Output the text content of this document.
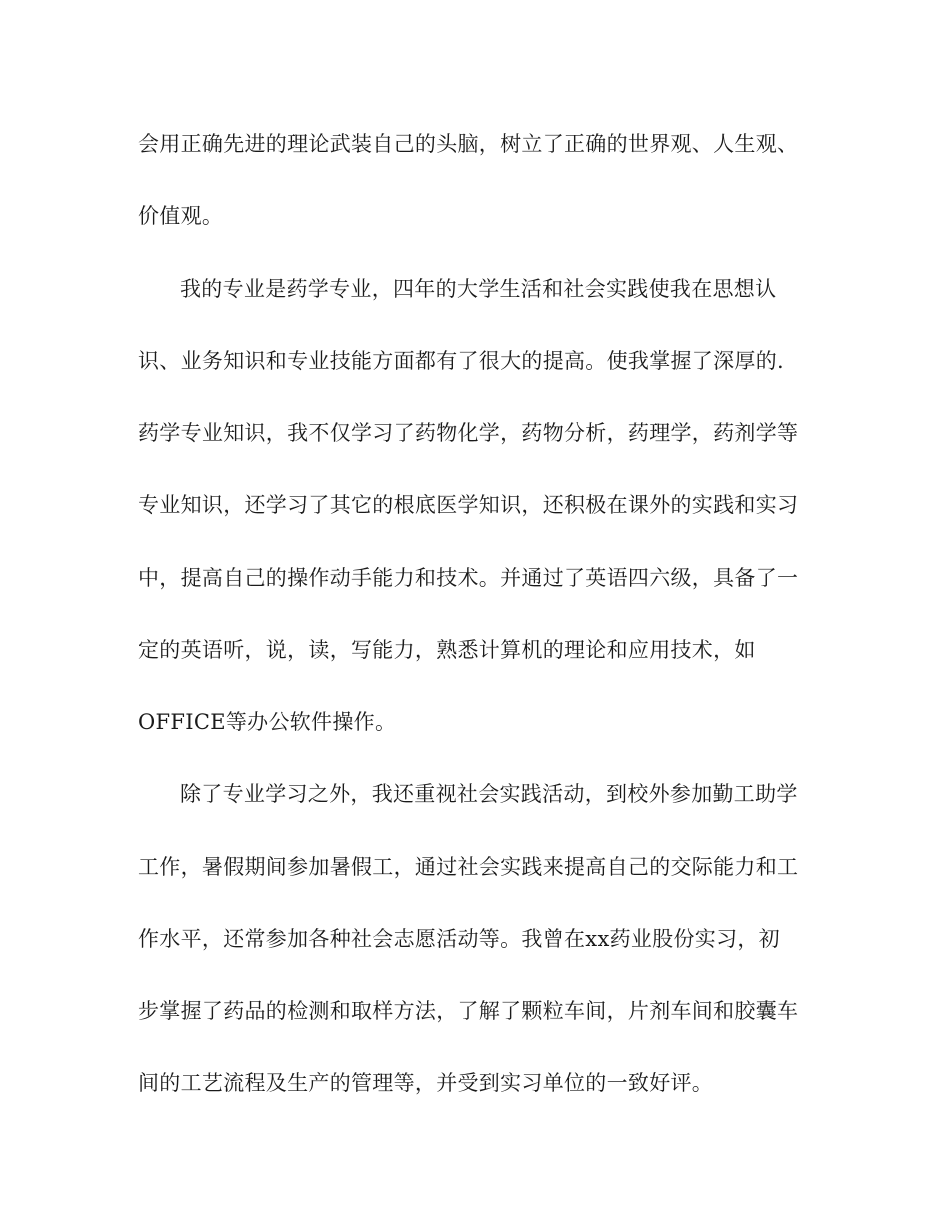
会用正确先进的理论武装自己的头脑，树立了正确的世界观、人生观、
价值观。
我的专业是药学专业，四年的大学生活和社会实践使我在思想认
识、业务知识和专业技能方面都有了很大的提高。使我掌握了深厚的.
药学专业知识，我不仅学习了药物化学，药物分析，药理学，药剂学等
专业知识，还学习了其它的根底医学知识，还积极在课外的实践和实习
中，提高自己的操作动手能力和技术。并通过了英语四六级，具备了一
定的英语听，说，读，写能力，熟悉计算机的理论和应用技术，如
OFFICE等办公软件操作。
除了专业学习之外，我还重视社会实践活动，到校外参加勤工助学
工作，暑假期间参加暑假工，通过社会实践来提高自己的交际能力和工
作水平，还常参加各种社会志愿活动等。我曾在xx药业股份实习，初
步掌握了药品的检测和取样方法，了解了颗粒车间，片剂车间和胶囊车
间的工艺流程及生产的管理等，并受到实习单位的一致好评。
